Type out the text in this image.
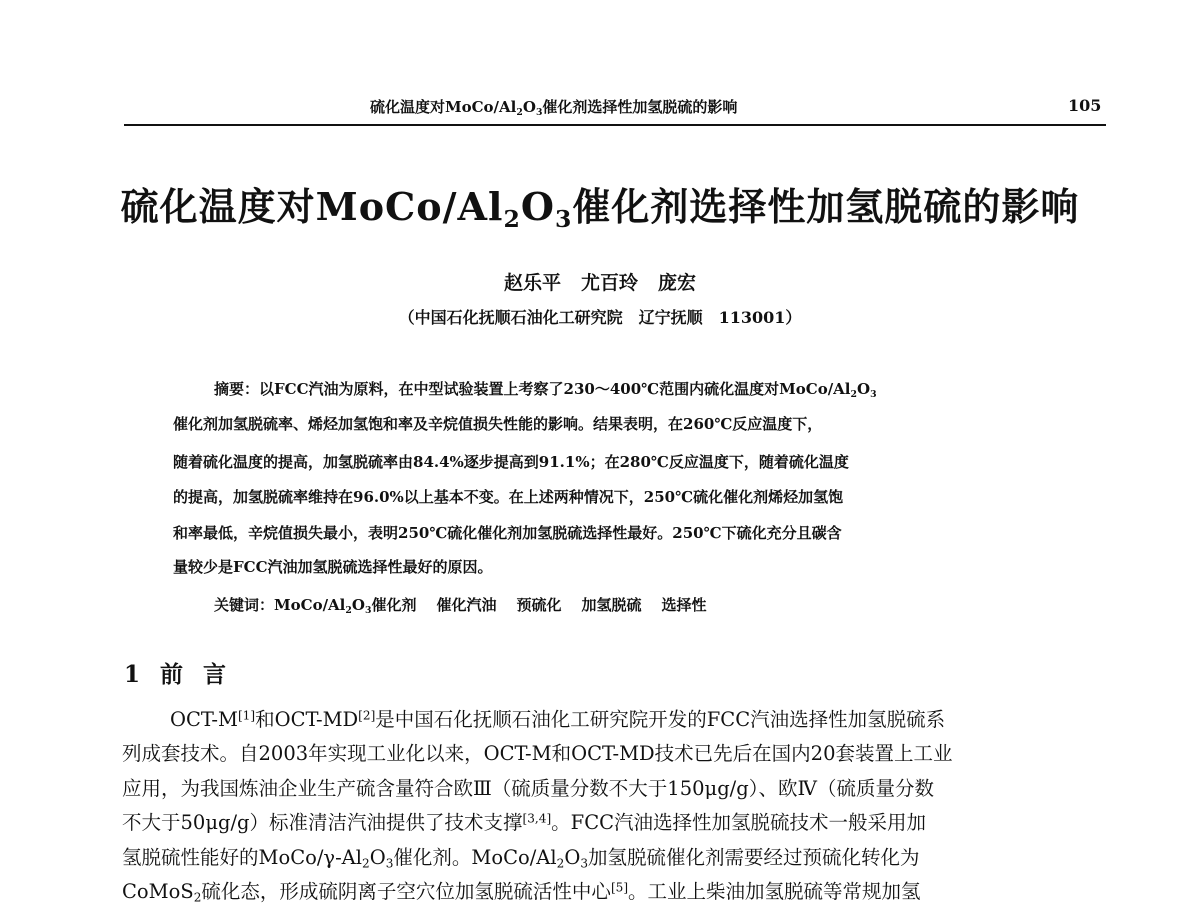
硫化温度对MoCo/$Al_2O_3$催化剂选择性加氢脱硫的影响	105
硫化温度对MoCo/$Al_2O_3$催化剂选择性加氢脱硫的影响
赵乐平 尤百玲 庞宏
（中国石化抚顺石油化工研究院　辽宁抚顺　113001）
摘要：以FCC汽油为原料，在中型试验装置上考察了230～400℃范围内硫化温度对MoCo/$Al_2O_3$
催化剂加氢脱硫率、烯烃加氢饱和率及辛烷值损失性能的影响。结果表明，在260℃反应温度下，
随着硫化温度的提高，加氢脱硫率由84.4%逐步提高到91.1%；在280℃反应温度下，随着硫化温度
的提高，加氢脱硫率维持在96.0%以上基本不变。在上述两种情况下，250℃硫化催化剂烯烃加氢饱
和率最低，辛烷值损失最小，表明250℃硫化催化剂加氢脱硫选择性最好。250℃下硫化充分且碳含
量较少是FCC汽油加氢脱硫选择性最好的原因。
关键词：MoCo/$Al_2O_3$催化剂 催化汽油 预硫化 加氢脱硫 选择性
1 前 言
OCT-M[1]和OCT-MD[2]是中国石化抚顺石油化工研究院开发的FCC汽油选择性加氢脱硫系
列成套技术。自2003年实现工业化以来，OCT-M和OCT-MD技术已先后在国内20套装置上工业
应用，为我国炼油企业生产硫含量符合欧Ⅲ（硫质量分数不大于150μg/g）、欧Ⅳ（硫质量分数
不大于50μg/g）标准清洁汽油提供了技术支撑[3,4]。FCC汽油选择性加氢脱硫技术一般采用加
氢脱硫性能好的MoCo/$\gamma-Al_2O_3$催化剂。MoCo/$Al_2O_3$加氢脱硫催化剂需要经过预硫化转化为
CoMoS$_2$硫化态，形成硫阴离子空穴位加氢脱硫活性中心[5]。工业上柴油加氢脱硫等常规加氢
